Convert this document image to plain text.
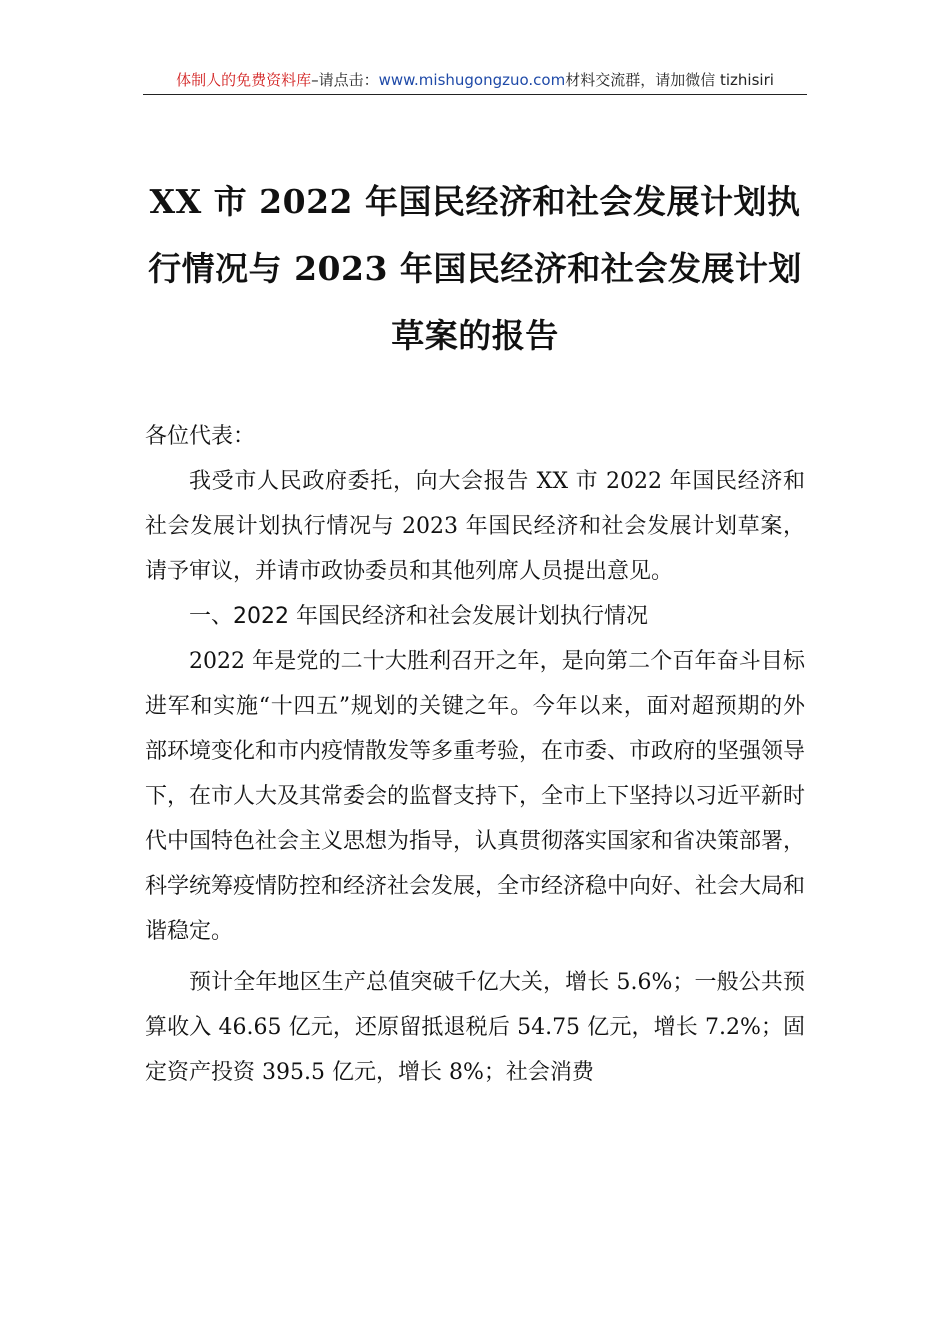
体制人的免费资料库–请点击：www.mishugongzuo.com材料交流群，请加微信 tizhisiri
XX 市 2022 年国民经济和社会发展计划执
行情况与 2023 年国民经济和社会发展计划
草案的报告

各位代表：

我受市人民政府委托，向大会报告 XX 市 2022 年国民经济和社会发展计划执行情况与 2023 年国民经济和社会发展计划草案，请予审议，并请市政协委员和其他列席人员提出意见。

一、2022 年国民经济和社会发展计划执行情况

2022 年是党的二十大胜利召开之年，是向第二个百年奋斗目标进军和实施“十四五”规划的关键之年。今年以来，面对超预期的外部环境变化和市内疫情散发等多重考验，在市委、市政府的坚强领导下，在市人大及其常委会的监督支持下，全市上下坚持以习近平新时代中国特色社会主义思想为指导，认真贯彻落实国家和省决策部署，科学统筹疫情防控和经济社会发展，全市经济稳中向好、社会大局和谐稳定。

预计全年地区生产总值突破千亿大关，增长 5.6%；一般公共预算收入 46.65 亿元，还原留抵退税后 54.75 亿元，增长 7.2%；固定资产投资 395.5 亿元，增长 8%；社会消费
